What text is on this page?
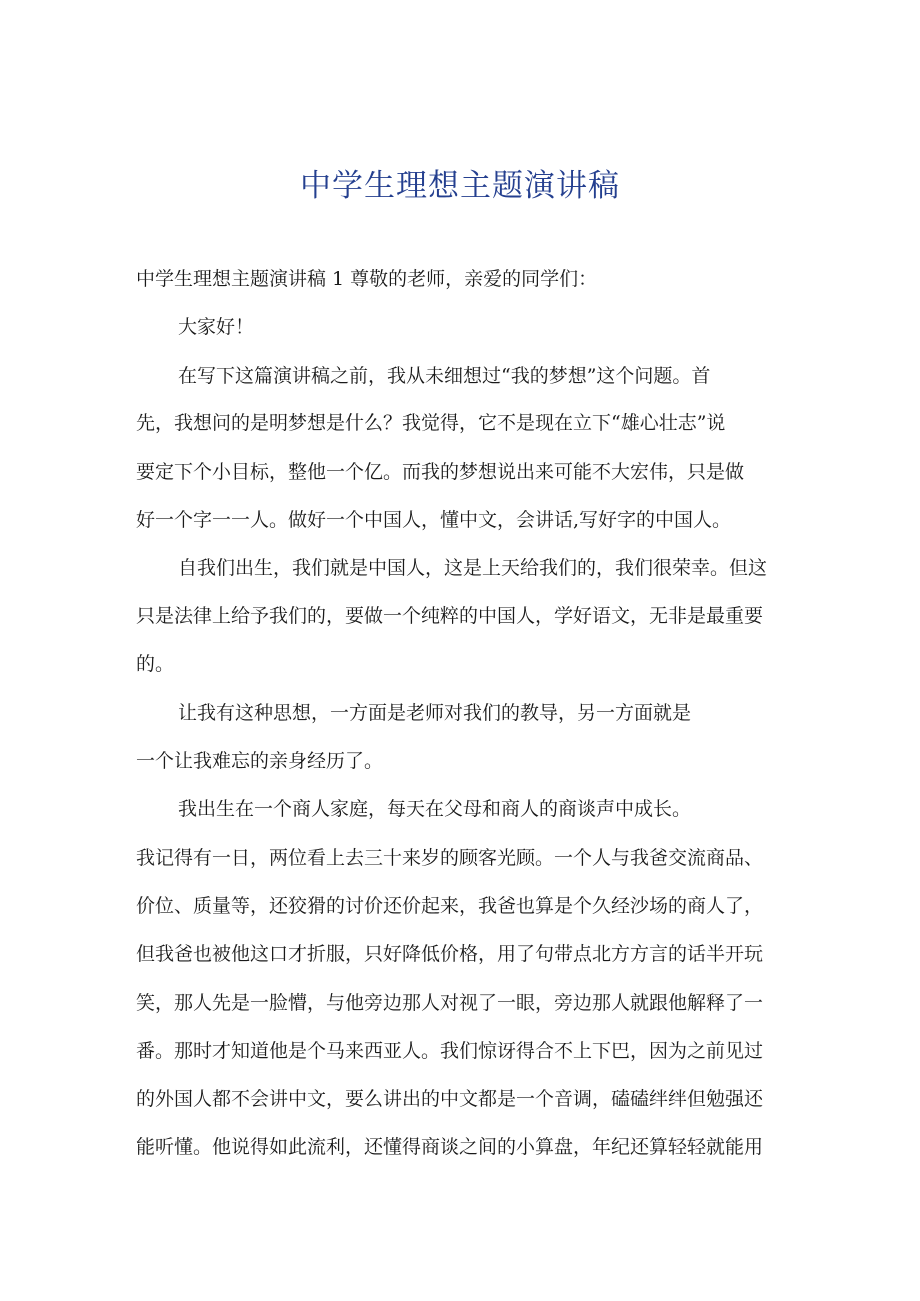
中学生理想主题演讲稿
中学生理想主题演讲稿 1 尊敬的老师，亲爱的同学们：
大家好！
在写下这篇演讲稿之前，我从未细想过“我的梦想”这个问题。首
先，我想问的是明梦想是什么？我觉得，它不是现在立下“雄心壮志”说
要定下个小目标，整他一个亿。而我的梦想说出来可能不大宏伟，只是做
好一个字一一人。做好一个中国人，懂中文，会讲话,写好字的中国人。
自我们出生，我们就是中国人，这是上天给我们的，我们很荣幸。但这
只是法律上给予我们的，要做一个纯粹的中国人，学好语文，无非是最重要
的。
让我有这种思想，一方面是老师对我们的教导，另一方面就是
一个让我难忘的亲身经历了。
我出生在一个商人家庭，每天在父母和商人的商谈声中成长。
我记得有一日，两位看上去三十来岁的顾客光顾。一个人与我爸交流商品、
价位、质量等，还狡猾的讨价还价起来，我爸也算是个久经沙场的商人了，
但我爸也被他这口才折服，只好降低价格，用了句带点北方方言的话半开玩
笑，那人先是一脸懵，与他旁边那人对视了一眼，旁边那人就跟他解释了一
番。那时才知道他是个马来西亚人。我们惊讶得合不上下巴，因为之前见过
的外国人都不会讲中文，要么讲出的中文都是一个音调，磕磕绊绊但勉强还
能听懂。他说得如此流利，还懂得商谈之间的小算盘，年纪还算轻轻就能用
